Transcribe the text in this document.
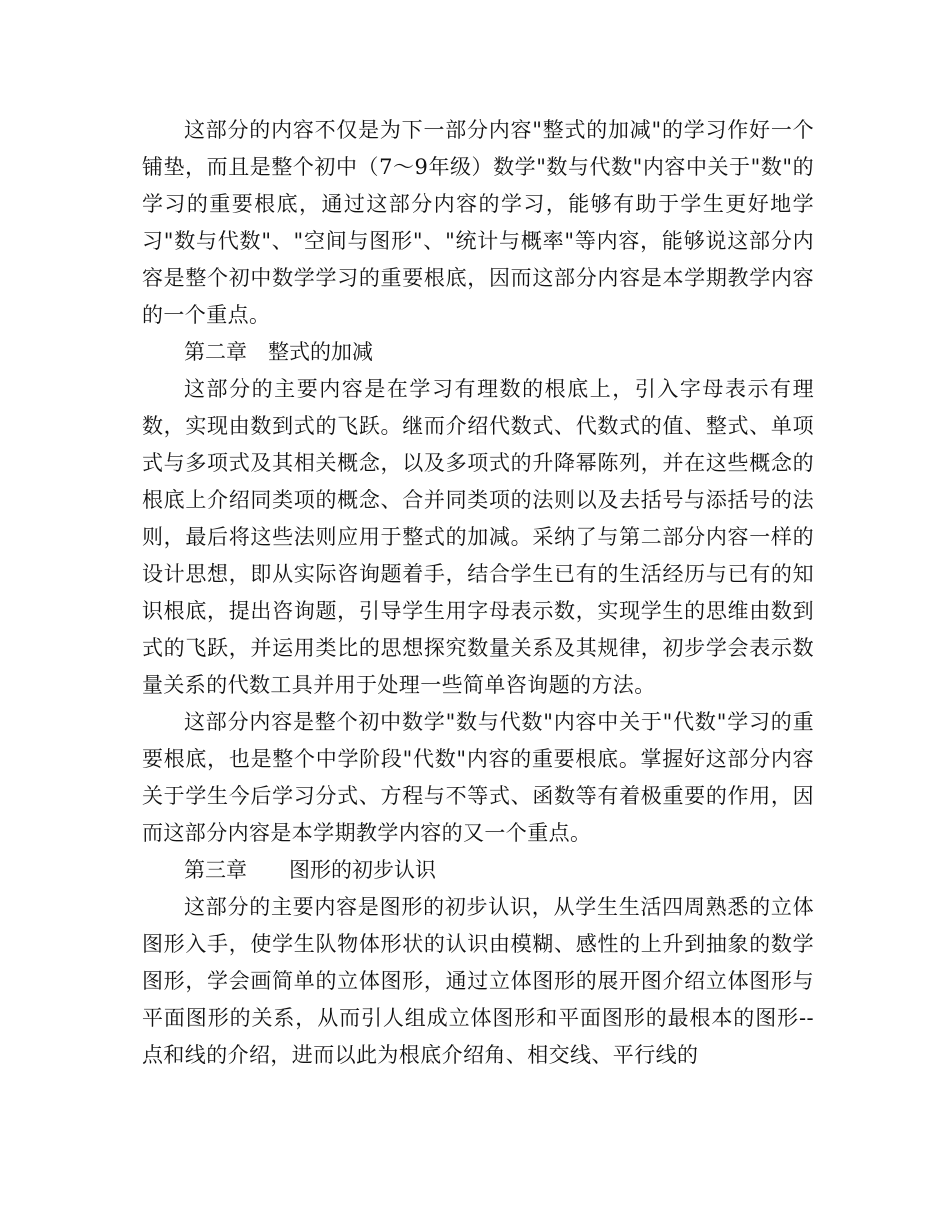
这部分的内容不仅是为下一部分内容"整式的加减"的学习作好一个铺垫，而且是整个初中（7～9年级）数学"数与代数"内容中关于"数"的学习的重要根底，通过这部分内容的学习，能够有助于学生更好地学习"数与代数"、"空间与图形"、"统计与概率"等内容，能够说这部分内容是整个初中数学学习的重要根底，因而这部分内容是本学期教学内容的一个重点。

第二章　整式的加减

这部分的主要内容是在学习有理数的根底上，引入字母表示有理数，实现由数到式的飞跃。继而介绍代数式、代数式的值、整式、单项式与多项式及其相关概念，以及多项式的升降幂陈列，并在这些概念的根底上介绍同类项的概念、合并同类项的法则以及去括号与添括号的法则，最后将这些法则应用于整式的加减。采纳了与第二部分内容一样的设计思想，即从实际咨询题着手，结合学生已有的生活经历与已有的知识根底，提出咨询题，引导学生用字母表示数，实现学生的思维由数到式的飞跃，并运用类比的思想探究数量关系及其规律，初步学会表示数量关系的代数工具并用于处理一些简单咨询题的方法。

这部分内容是整个初中数学"数与代数"内容中关于"代数"学习的重要根底，也是整个中学阶段"代数"内容的重要根底。掌握好这部分内容关于学生今后学习分式、方程与不等式、函数等有着极重要的作用，因而这部分内容是本学期教学内容的又一个重点。

第三章　　图形的初步认识

这部分的主要内容是图形的初步认识，从学生生活四周熟悉的立体图形入手，使学生队物体形状的认识由模糊、感性的上升到抽象的数学图形，学会画简单的立体图形，通过立体图形的展开图介绍立体图形与平面图形的关系，从而引人组成立体图形和平面图形的最根本的图形--点和线的介绍，进而以此为根底介绍角、相交线、平行线的
